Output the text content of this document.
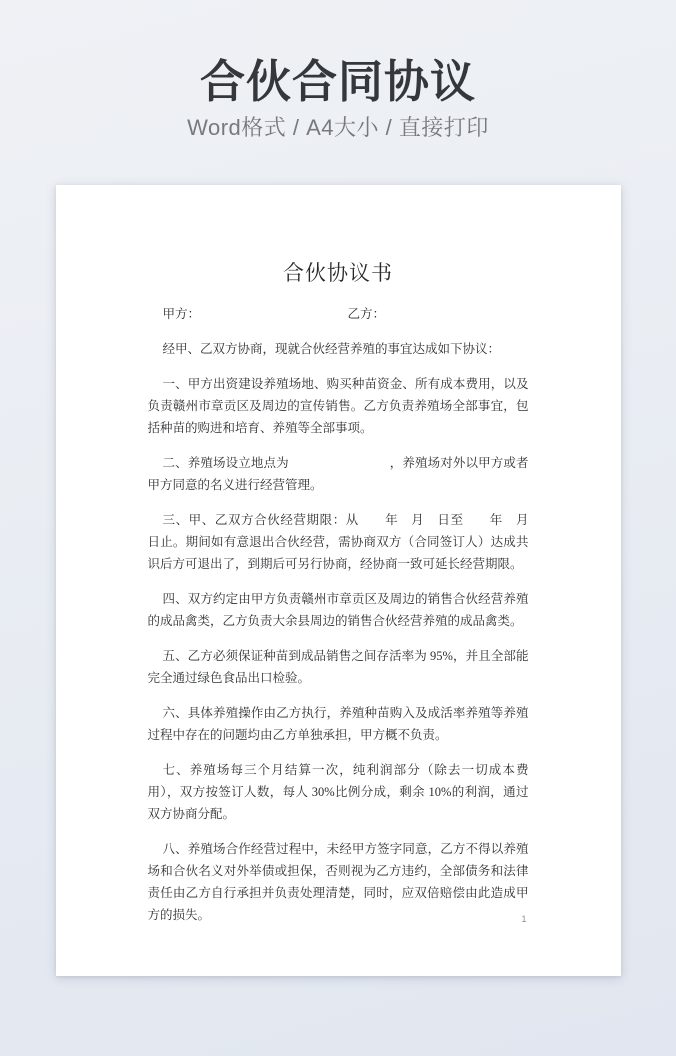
合伙合同协议
Word格式 / A4大小 / 直接打印
合伙协议书
甲方：	乙方：

经甲、乙双方协商，现就合伙经营养殖的事宜达成如下协议：

一、甲方出资建设养殖场地、购买种苗资金、所有成本费用，以及负责赣州市章贡区及周边的宣传销售。乙方负责养殖场全部事宜，包括种苗的购进和培育、养殖等全部事项。

二、养殖场设立地点为　　　　　　　　，养殖场对外以甲方或者甲方同意的名义进行经营管理。

三、甲、乙双方合伙经营期限：从　　年　月　日至　　年　月　日止。期间如有意退出合伙经营，需协商双方（合同签订人）达成共识后方可退出了，到期后可另行协商，经协商一致可延长经营期限。

四、双方约定由甲方负责赣州市章贡区及周边的销售合伙经营养殖的成品禽类，乙方负责大余县周边的销售合伙经营养殖的成品禽类。

五、乙方必须保证种苗到成品销售之间存活率为 95%，并且全部能完全通过绿色食品出口检验。

六、具体养殖操作由乙方执行，养殖种苗购入及成活率养殖等养殖过程中存在的问题均由乙方单独承担，甲方概不负责。

七、养殖场每三个月结算一次，纯利润部分（除去一切成本费用），双方按签订人数，每人 30%比例分成，剩余 10%的利润，通过双方协商分配。

八、养殖场合作经营过程中，未经甲方签字同意，乙方不得以养殖场和合伙名义对外举债或担保，否则视为乙方违约，全部债务和法律责任由乙方自行承担并负责处理清楚，同时，应双倍赔偿由此造成甲方的损失。	1
